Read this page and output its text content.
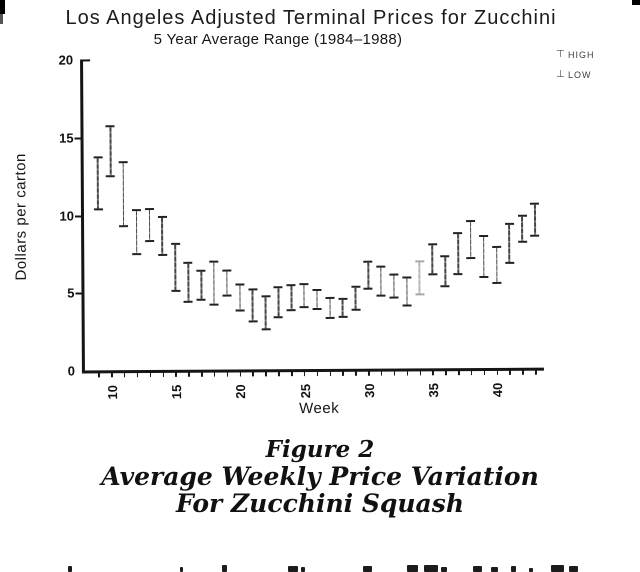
Los Angeles Adjusted Terminal Prices for Zucchini
5 Year Average Range (1984–1988)
⊤ HIGH
⊥ LOW
Dollars per carton
Week
0
5
10
15
20
10	15	20	25	30	35	40
Figure 2
Average Weekly Price Variation
For Zucchini Squash
